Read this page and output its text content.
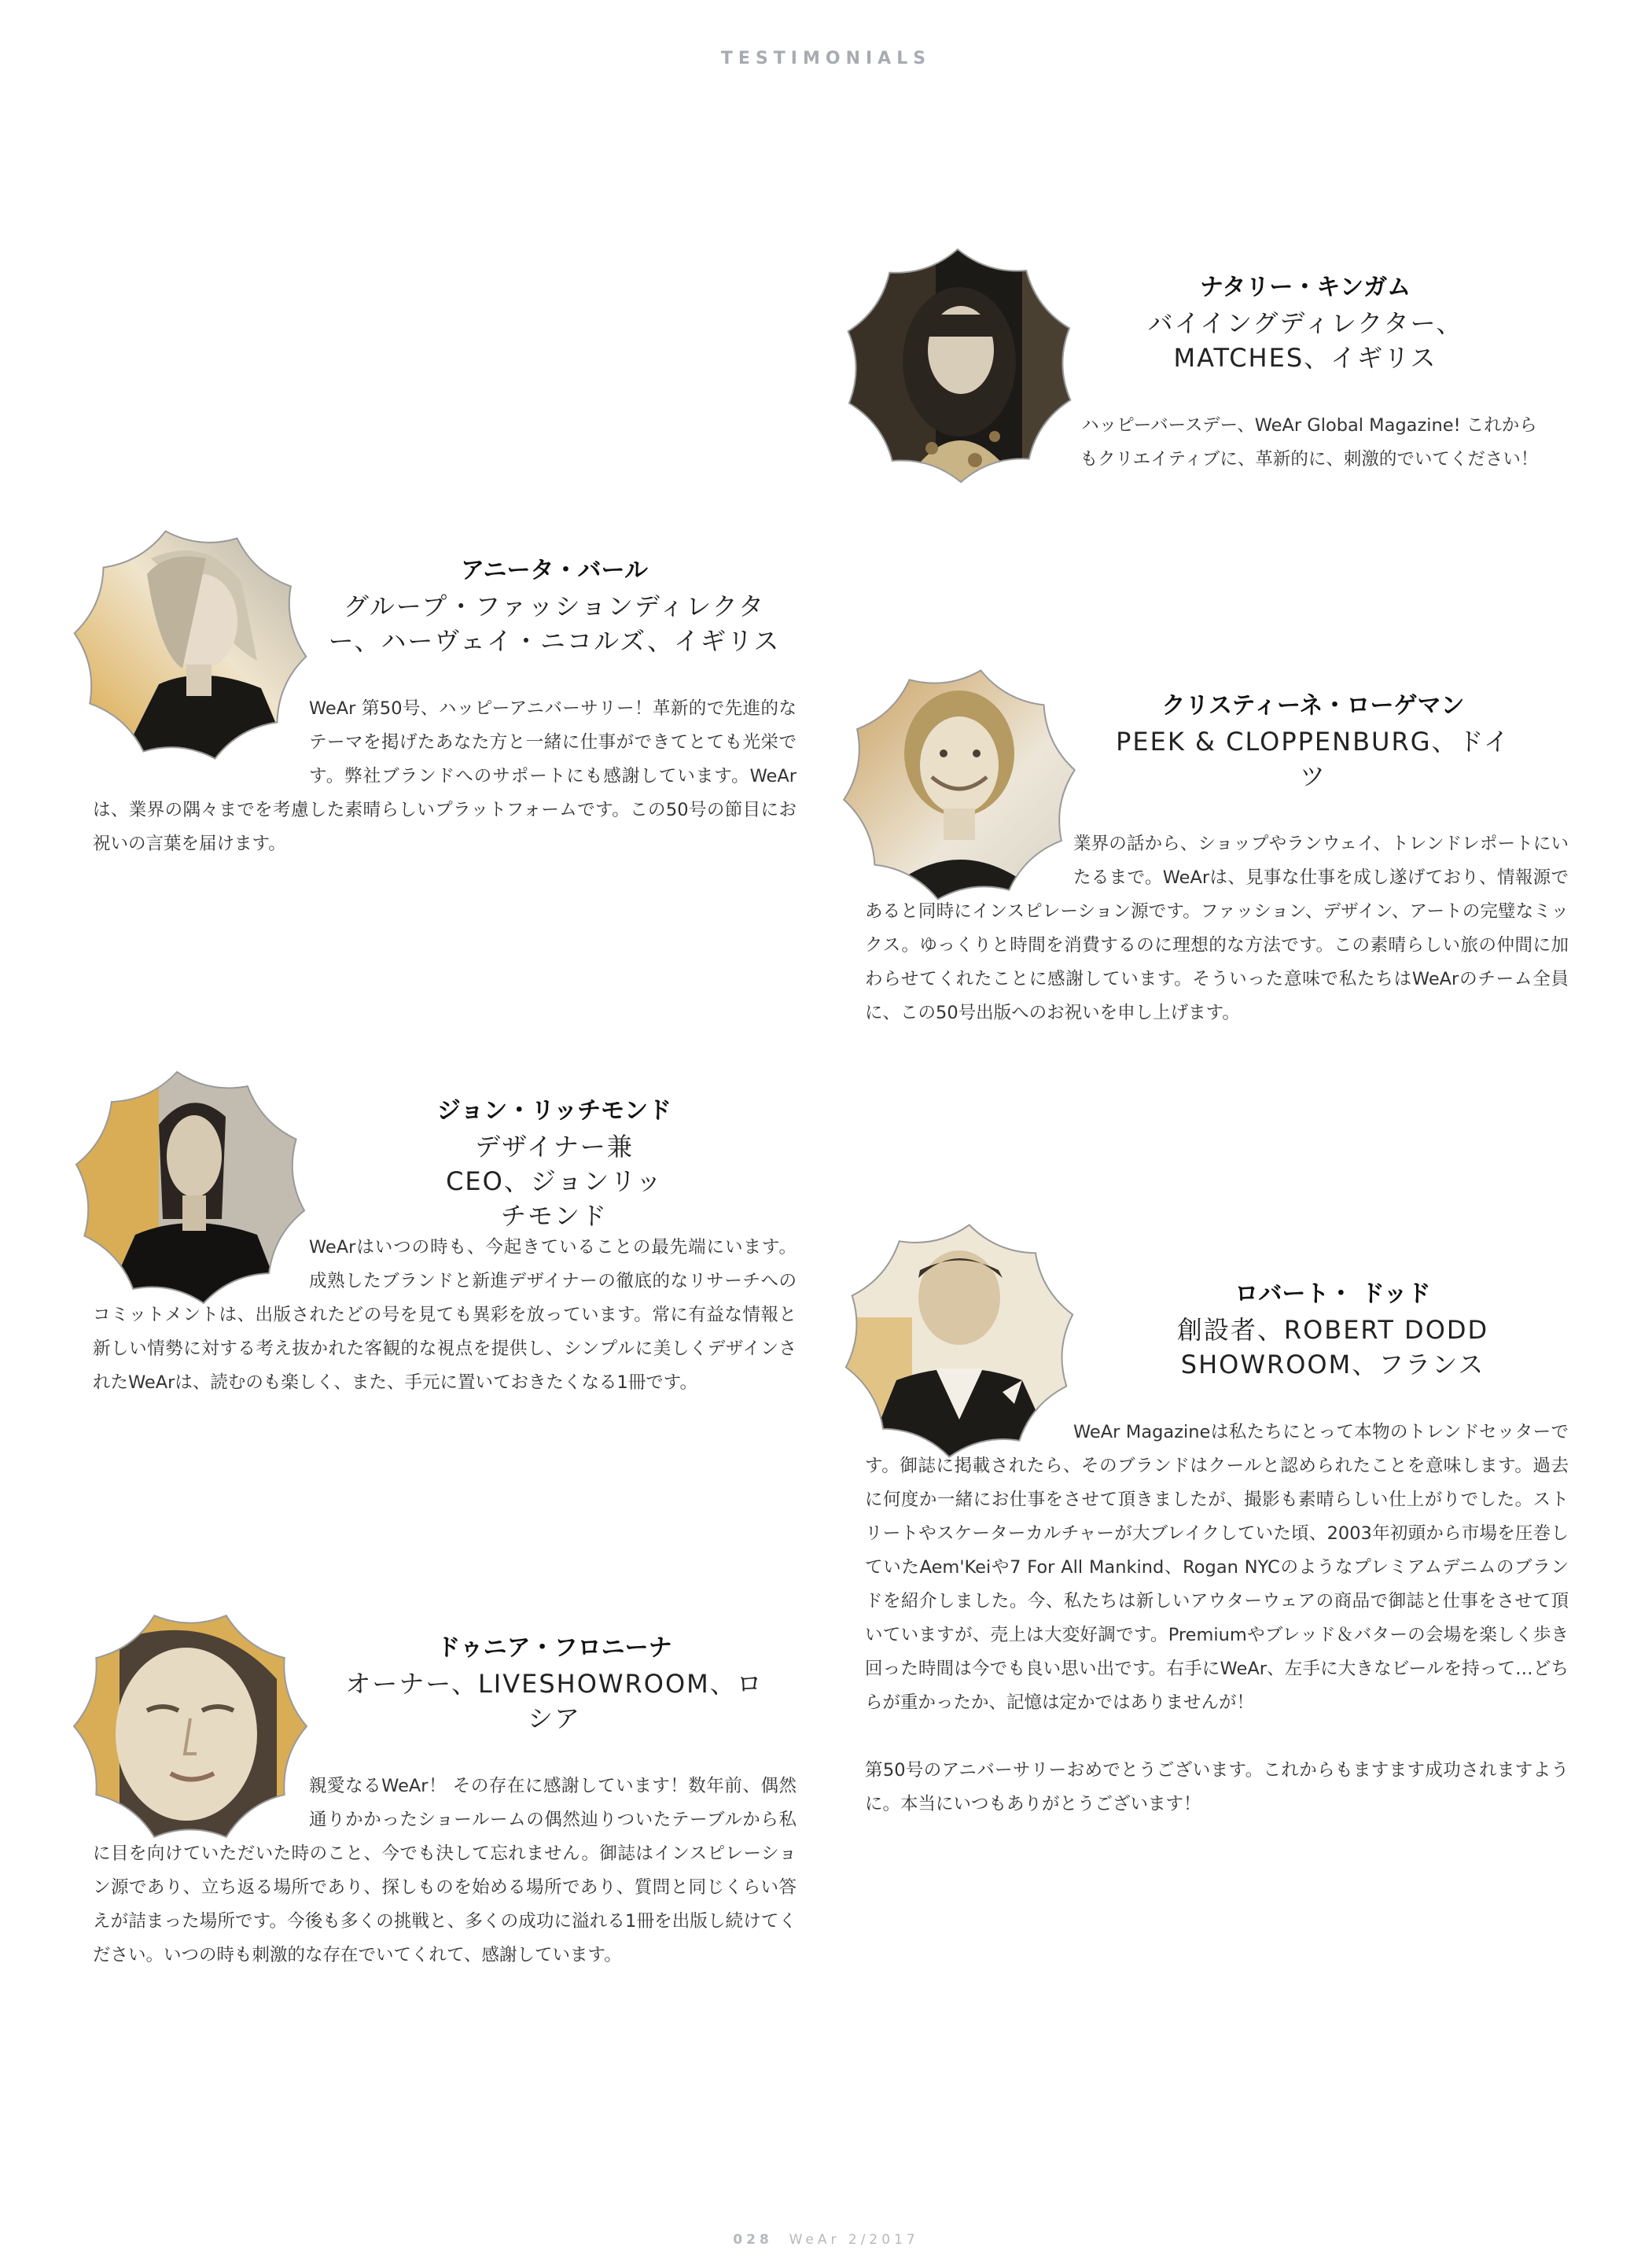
TESTIMONIALS
ナタリー・キンガム
バイイングディレクター、MATCHES、イギリス

ハッピーバースデー、WeAr Global Magazine! これからもクリエイティブに、革新的に、刺激的でいてください！

アニータ・バール
グループ・ファッションディレクター、ハーヴェイ・ニコルズ、イギリス

WeAr 第50号、ハッピーアニバーサリー！革新的で先進的なテーマを掲げたあなた方と一緒に仕事ができてとても光栄です。弊社ブランドへのサポートにも感謝しています。WeArは、業界の隅々までを考慮した素晴らしいプラットフォームです。この50号の節目にお祝いの言葉を届けます。

クリスティーネ・ローゲマン
PEEK & CLOPPENBURG、ドイツ

業界の話から、ショップやランウェイ、トレンドレポートにいたるまで。WeArは、見事な仕事を成し遂げており、情報源であると同時にインスピレーション源です。ファッション、デザイン、アートの完璧なミックス。ゆっくりと時間を消費するのに理想的な方法です。この素晴らしい旅の仲間に加わらせてくれたことに感謝しています。そういった意味で私たちはWeArのチーム全員に、この50号出版へのお祝いを申し上げます。

ジョン・リッチモンド
デザイナー兼CEO、ジョンリッチモンド

WeArはいつの時も、今起きていることの最先端にいます。成熟したブランドと新進デザイナーの徹底的なリサーチへのコミットメントは、出版されたどの号を見ても異彩を放っています。常に有益な情報と新しい情勢に対する考え抜かれた客観的な視点を提供し、シンプルに美しくデザインされたWeArは、読むのも楽しく、また、手元に置いておきたくなる1冊です。

ロバート・ ドッド
創設者、ROBERT DODD SHOWROOM、フランス

WeAr Magazineは私たちにとって本物のトレンドセッターです。御誌に掲載されたら、そのブランドはクールと認められたことを意味します。過去に何度か一緒にお仕事をさせて頂きましたが、撮影も素晴らしい仕上がりでした。ストリートやスケーターカルチャーが大ブレイクしていた頃、2003年初頭から市場を圧巻していたAem'Keiや7 For All Mankind、Rogan NYCのようなプレミアムデニムのブランドを紹介しました。今、私たちは新しいアウターウェアの商品で御誌と仕事をさせて頂いていますが、売上は大変好調です。Premiumやブレッド＆バターの会場を楽しく歩き回った時間は今でも良い思い出です。右手にWeAr、左手に大きなビールを持って…どちらが重かったか、記憶は定かではありませんが！

第50号のアニバーサリーおめでとうございます。これからもますます成功されますように。本当にいつもありがとうございます！

ドゥニア・フロニーナ
オーナー、LIVESHOWROOM、ロシア

親愛なるWeAr！ その存在に感謝しています！数年前、偶然通りかかったショールームの偶然辿りついたテーブルから私に目を向けていただいた時のこと、今でも決して忘れません。御誌はインスピレーション源であり、立ち返る場所であり、探しものを始める場所であり、質問と同じくらい答えが詰まった場所です。今後も多くの挑戦と、多くの成功に溢れる1冊を出版し続けてください。いつの時も刺激的な存在でいてくれて、感謝しています。

028 WeAr 2/2017
